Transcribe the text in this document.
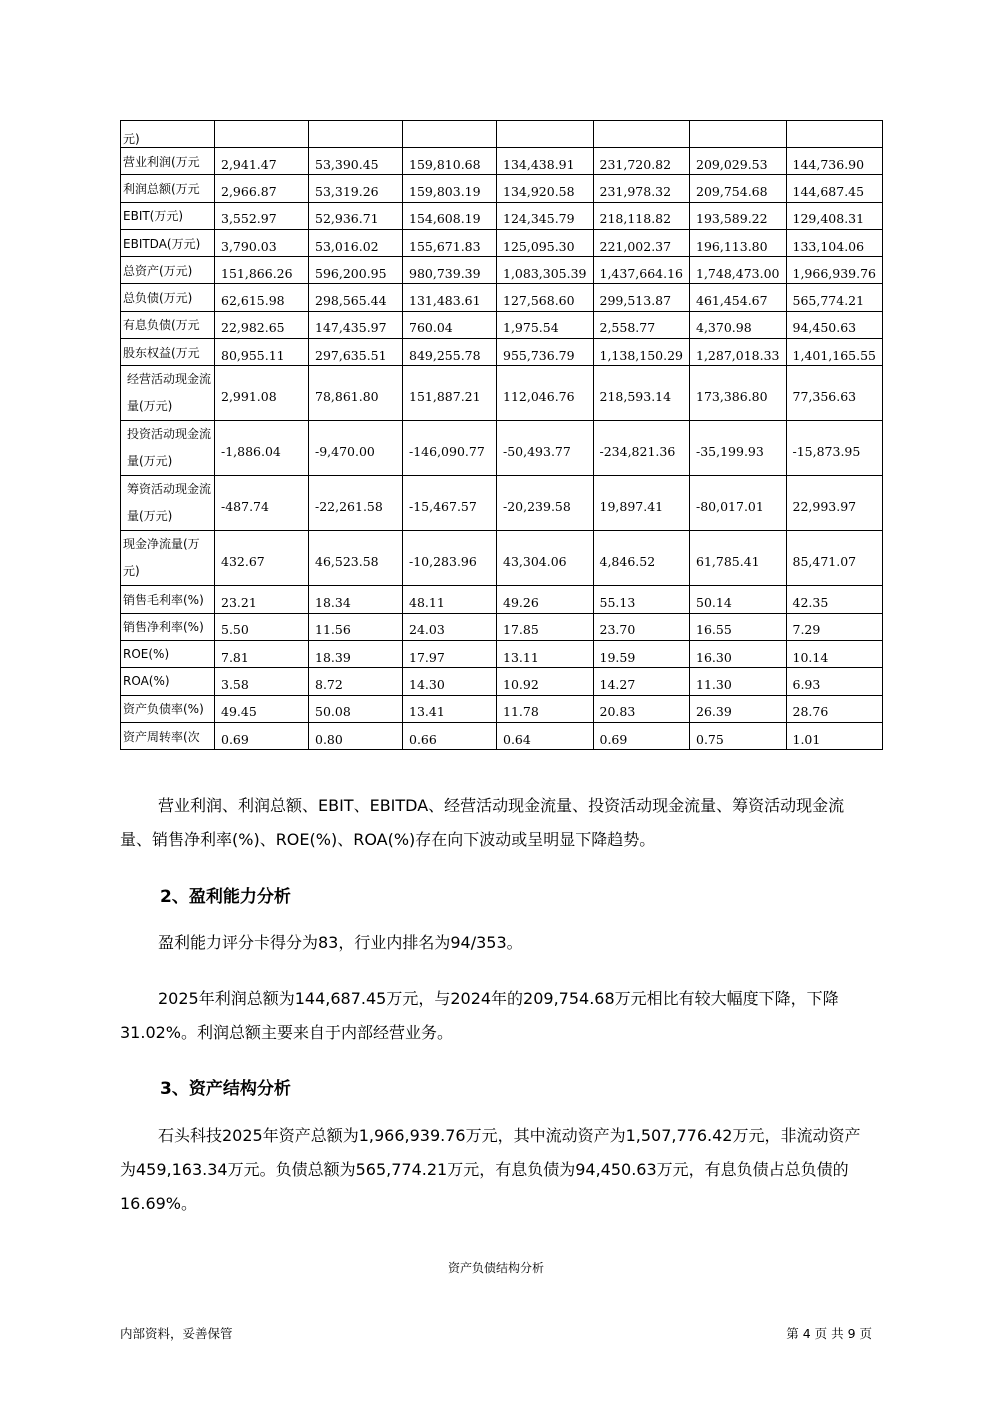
元)							
营业利润(万元	2,941.47	53,390.45	159,810.68	134,438.91	231,720.82	209,029.53	144,736.90
利润总额(万元	2,966.87	53,319.26	159,803.19	134,920.58	231,978.32	209,754.68	144,687.45
EBIT(万元)	3,552.97	52,936.71	154,608.19	124,345.79	218,118.82	193,589.22	129,408.31
EBITDA(万元)	3,790.03	53,016.02	155,671.83	125,095.30	221,002.37	196,113.80	133,104.06
总资产(万元)	151,866.26	596,200.95	980,739.39	1,083,305.39	1,437,664.16	1,748,473.00	1,966,939.76
总负债(万元)	62,615.98	298,565.44	131,483.61	127,568.60	299,513.87	461,454.67	565,774.21
有息负债(万元	22,982.65	147,435.97	760.04	1,975.54	2,558.77	4,370.98	94,450.63
股东权益(万元	80,955.11	297,635.51	849,255.78	955,736.79	1,138,150.29	1,287,018.33	1,401,165.55
经营活动现金流量(万元)	2,991.08	78,861.80	151,887.21	112,046.76	218,593.14	173,386.80	77,356.63
投资活动现金流量(万元)	-1,886.04	-9,470.00	-146,090.77	-50,493.77	-234,821.36	-35,199.93	-15,873.95
筹资活动现金流量(万元)	-487.74	-22,261.58	-15,467.57	-20,239.58	19,897.41	-80,017.01	22,993.97
现金净流量(万元)	432.67	46,523.58	-10,283.96	43,304.06	4,846.52	61,785.41	85,471.07
销售毛利率(%)	23.21	18.34	48.11	49.26	55.13	50.14	42.35
销售净利率(%)	5.50	11.56	24.03	17.85	23.70	16.55	7.29
ROE(%)	7.81	18.39	17.97	13.11	19.59	16.30	10.14
ROA(%)	3.58	8.72	14.30	10.92	14.27	11.30	6.93
资产负债率(%)	49.45	50.08	13.41	11.78	20.83	26.39	28.76
资产周转率(次	0.69	0.80	0.66	0.64	0.69	0.75	1.01

营业利润、利润总额、EBIT、EBITDA、经营活动现金流量、投资活动现金流量、筹资活动现金流量、销售净利率(%)、ROE(%)、ROA(%)存在向下波动或呈明显下降趋势。

2、盈利能力分析

盈利能力评分卡得分为83，行业内排名为94/353。

2025年利润总额为144,687.45万元，与2024年的209,754.68万元相比有较大幅度下降，下降31.02%。利润总额主要来自于内部经营业务。

3、资产结构分析

石头科技2025年资产总额为1,966,939.76万元，其中流动资产为1,507,776.42万元，非流动资产为459,163.34万元。负债总额为565,774.21万元，有息负债为94,450.63万元，有息负债占总负债的16.69%。

资产负债结构分析
内部资料，妥善保管	第 4 页 共 9 页
